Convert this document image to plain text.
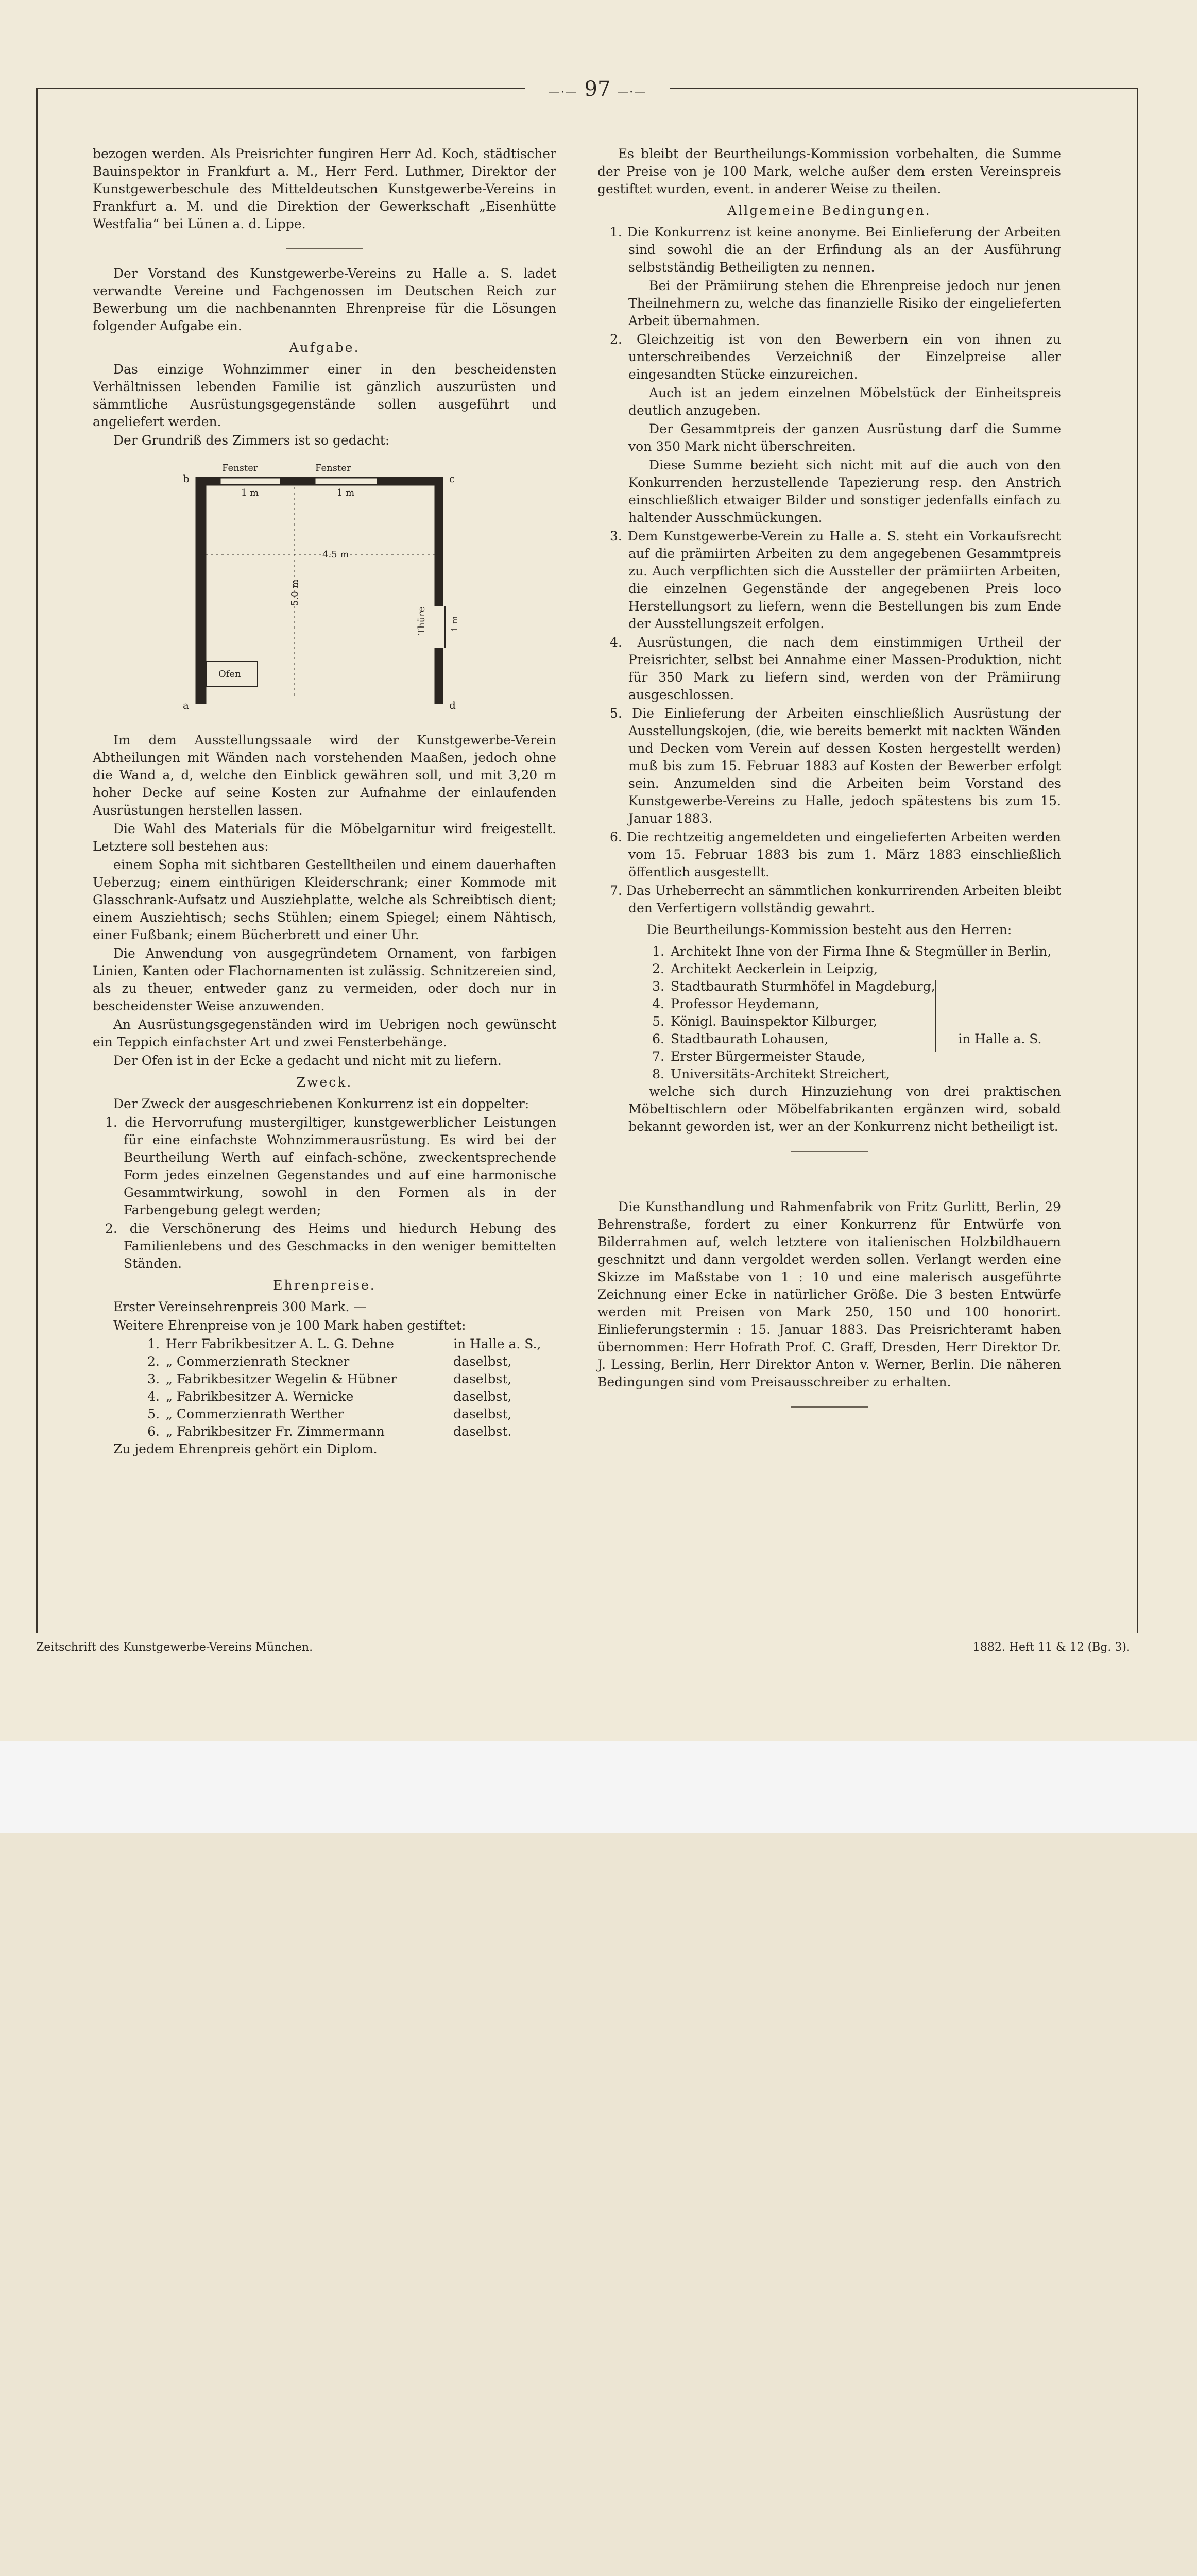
—·— 97 —·—

bezogen werden. Als Preisrichter fungiren Herr Ad. Koch, städtischer Bauinspektor in Frankfurt a. M., Herr Ferd. Luthmer, Direktor der Kunstgewerbeschule des Mitteldeutschen Kunstgewerbe-Vereins in Frankfurt a. M. und die Direktion der Gewerkschaft „Eisenhütte Westfalia“ bei Lünen a. d. Lippe.

Der Vorstand des Kunstgewerbe-Vereins zu Halle a. S. ladet verwandte Vereine und Fachgenossen im Deutschen Reich zur Bewerbung um die nachbenannten Ehrenpreise für die Lösungen folgender Aufgabe ein.

Aufgabe.

Das einzige Wohnzimmer einer in den bescheidensten Verhältnissen lebenden Familie ist gänzlich auszurüsten und sämmtliche Ausrüstungsgegenstände sollen ausgeführt und angeliefert werden.

Der Grundriß des Zimmers ist so gedacht:

Fenster	Fenster
1 m	1 m
4.5 m
5.0 m
Thüre	1 m
Ofen
a
b	c
d

Im dem Ausstellungssaale wird der Kunstgewerbe-Verein Abtheilungen mit Wänden nach vorstehenden Maaßen, jedoch ohne die Wand a, d, welche den Einblick gewähren soll, und mit 3,20 m hoher Decke auf seine Kosten zur Aufnahme der einlaufenden Ausrüstungen herstellen lassen.

Die Wahl des Materials für die Möbelgarnitur wird freigestellt. Letztere soll bestehen aus:

einem Sopha mit sichtbaren Gestelltheilen und einem dauerhaften Ueberzug; einem einthürigen Kleiderschrank; einer Kommode mit Glasschrank-Aufsatz und Ausziehplatte, welche als Schreibtisch dient; einem Ausziehtisch; sechs Stühlen; einem Spiegel; einem Nähtisch, einer Fußbank; einem Bücherbrett und einer Uhr.

Die Anwendung von ausgegründetem Ornament, von farbigen Linien, Kanten oder Flachornamenten ist zulässig. Schnitzereien sind, als zu theuer, entweder ganz zu vermeiden, oder doch nur in bescheidenster Weise anzuwenden.

An Ausrüstungsgegenständen wird im Uebrigen noch gewünscht ein Teppich einfachster Art und zwei Fensterbehänge.

Der Ofen ist in der Ecke a gedacht und nicht mit zu liefern.

Zweck.

Der Zweck der ausgeschriebenen Konkurrenz ist ein doppelter:

1. die Hervorrufung mustergiltiger, kunstgewerblicher Leistungen für eine einfachste Wohnzimmerausrüstung. Es wird bei der Beurtheilung Werth auf einfach-schöne, zweckentsprechende Form jedes einzelnen Gegenstandes und auf eine harmonische Gesammtwirkung, sowohl in den Formen als in der Farbengebung gelegt werden;

2. die Verschönerung des Heims und hiedurch Hebung des Familienlebens und des Geschmacks in den weniger bemittelten Ständen.

Ehrenpreise.

Erster Vereinsehrenpreis 300 Mark. —

Weitere Ehrenpreise von je 100 Mark haben gestiftet:

1. Herr Fabrikbesitzer A. L. G. Dehne	in Halle a. S.,
2. „ Commerzienrath Steckner	daselbst,
3. „ Fabrikbesitzer Wegelin & Hübner	daselbst,
4. „ Fabrikbesitzer A. Wernicke	daselbst,
5. „ Commerzienrath Werther	daselbst,
6. „ Fabrikbesitzer Fr. Zimmermann	daselbst.

Zu jedem Ehrenpreis gehört ein Diplom.

Es bleibt der Beurtheilungs-Kommission vorbehalten, die Summe der Preise von je 100 Mark, welche außer dem ersten Vereinspreis gestiftet wurden, event. in anderer Weise zu theilen.

Allgemeine Bedingungen.

1. Die Konkurrenz ist keine anonyme. Bei Einlieferung der Arbeiten sind sowohl die an der Erfindung als an der Ausführung selbstständig Betheiligten zu nennen.

Bei der Prämiirung stehen die Ehrenpreise jedoch nur jenen Theilnehmern zu, welche das finanzielle Risiko der eingelieferten Arbeit übernahmen.

2. Gleichzeitig ist von den Bewerbern ein von ihnen zu unterschreibendes Verzeichniß der Einzelpreise aller eingesandten Stücke einzureichen.

Auch ist an jedem einzelnen Möbelstück der Einheitspreis deutlich anzugeben.

Der Gesammtpreis der ganzen Ausrüstung darf die Summe von 350 Mark nicht überschreiten.

Diese Summe bezieht sich nicht mit auf die auch von den Konkurrenden herzustellende Tapezierung resp. den Anstrich einschließlich etwaiger Bilder und sonstiger jedenfalls einfach zu haltender Ausschmückungen.

3. Dem Kunstgewerbe-Verein zu Halle a. S. steht ein Vorkaufsrecht auf die prämiirten Arbeiten zu dem angegebenen Gesammtpreis zu. Auch verpflichten sich die Aussteller der prämiirten Arbeiten, die einzelnen Gegenstände der angegebenen Preis loco Herstellungsort zu liefern, wenn die Bestellungen bis zum Ende der Ausstellungszeit erfolgen.

4. Ausrüstungen, die nach dem einstimmigen Urtheil der Preisrichter, selbst bei Annahme einer Massen-Produktion, nicht für 350 Mark zu liefern sind, werden von der Prämiirung ausgeschlossen.

5. Die Einlieferung der Arbeiten einschließlich Ausrüstung der Ausstellungskojen, (die, wie bereits bemerkt mit nackten Wänden und Decken vom Verein auf dessen Kosten hergestellt werden) muß bis zum 15. Februar 1883 auf Kosten der Bewerber erfolgt sein. Anzumelden sind die Arbeiten beim Vorstand des Kunstgewerbe-Vereins zu Halle, jedoch spätestens bis zum 15. Januar 1883.

6. Die rechtzeitig angemeldeten und eingelieferten Arbeiten werden vom 15. Februar 1883 bis zum 1. März 1883 einschließlich öffentlich ausgestellt.

7. Das Urheberrecht an sämmtlichen konkurrirenden Arbeiten bleibt den Verfertigern vollständig gewahrt.

Die Beurtheilungs-Kommission besteht aus den Herren:

1. Architekt Ihne von der Firma Ihne & Stegmüller in Berlin,
2. Architekt Aeckerlein in Leipzig,
3. Stadtbaurath Sturmhöfel in Magdeburg,
4. Professor Heydemann,
5. Königl. Bauinspektor Kilburger,
6. Stadtbaurath Lohausen,	in Halle a. S.
7. Erster Bürgermeister Staude,
8. Universitäts-Architekt Streichert,

welche sich durch Hinzuziehung von drei praktischen Möbeltischlern oder Möbelfabrikanten ergänzen wird, sobald bekannt geworden ist, wer an der Konkurrenz nicht betheiligt ist.

Die Kunsthandlung und Rahmenfabrik von Fritz Gurlitt, Berlin, 29 Behrenstraße, fordert zu einer Konkurrenz für Entwürfe von Bilderrahmen auf, welch letztere von italienischen Holzbildhauern geschnitzt und dann vergoldet werden sollen. Verlangt werden eine Skizze im Maßstabe von 1 : 10 und eine malerisch ausgeführte Zeichnung einer Ecke in natürlicher Größe. Die 3 besten Entwürfe werden mit Preisen von Mark 250, 150 und 100 honorirt. Einlieferungstermin : 15. Januar 1883. Das Preisrichteramt haben übernommen: Herr Hofrath Prof. C. Graff, Dresden, Herr Direktor Dr. J. Lessing, Berlin, Herr Direktor Anton v. Werner, Berlin. Die näheren Bedingungen sind vom Preisausschreiber zu erhalten.

Zeitschrift des Kunstgewerbe-Vereins München.	1882. Heft 11 & 12 (Bg. 3).
